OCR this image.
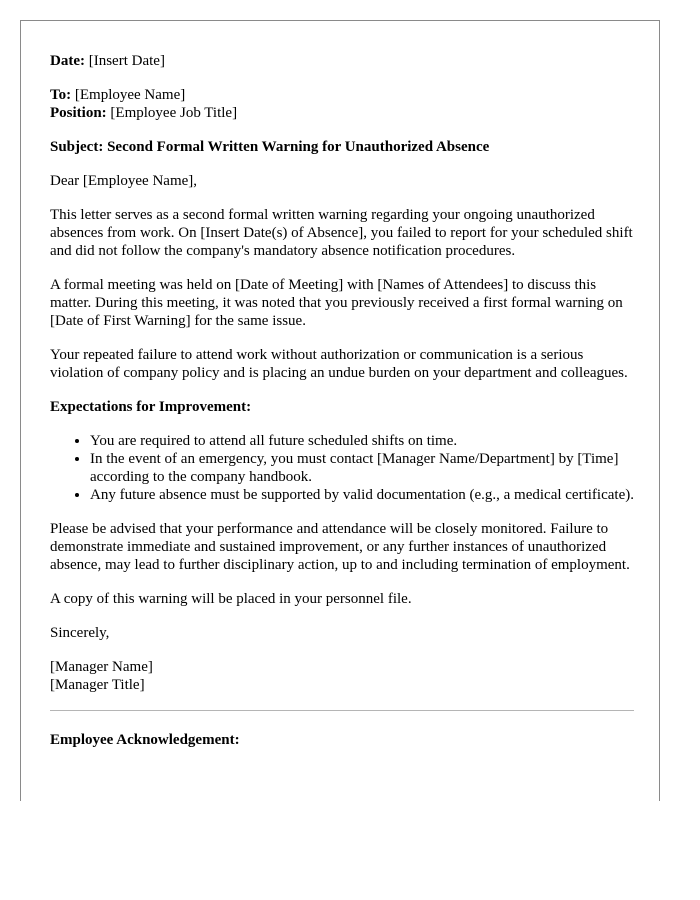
Date: [Insert Date]

To: [Employee Name]
Position: [Employee Job Title]

Subject: Second Formal Written Warning for Unauthorized Absence

Dear [Employee Name],

This letter serves as a second formal written warning regarding your ongoing unauthorized absences from work. On [Insert Date(s) of Absence], you failed to report for your scheduled shift and did not follow the company's mandatory absence notification procedures.

A formal meeting was held on [Date of Meeting] with [Names of Attendees] to discuss this matter. During this meeting, it was noted that you previously received a first formal warning on [Date of First Warning] for the same issue.

Your repeated failure to attend work without authorization or communication is a serious violation of company policy and is placing an undue burden on your department and colleagues.

Expectations for Improvement:

• You are required to attend all future scheduled shifts on time.
• In the event of an emergency, you must contact [Manager Name/Department] by [Time] according to the company handbook.
• Any future absence must be supported by valid documentation (e.g., a medical certificate).

Please be advised that your performance and attendance will be closely monitored. Failure to demonstrate immediate and sustained improvement, or any further instances of unauthorized absence, may lead to further disciplinary action, up to and including termination of employment.

A copy of this warning will be placed in your personnel file.

Sincerely,

[Manager Name]
[Manager Title]

Employee Acknowledgement:
